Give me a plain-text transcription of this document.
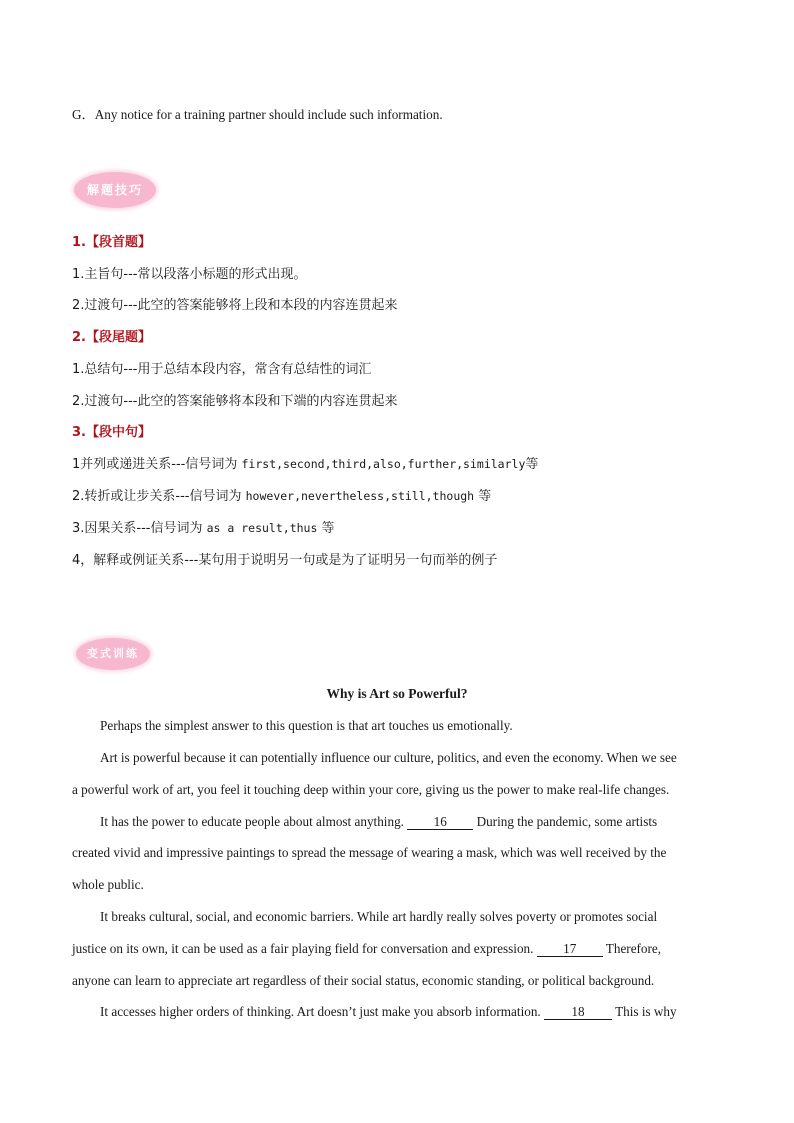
G．Any notice for a training partner should include such information.
解题技巧
1.【段首题】
1.主旨句---常以段落小标题的形式出现。
2.过渡句---此空的答案能够将上段和本段的内容连贯起来
2.【段尾题】
1.总结句---用于总结本段内容，常含有总结性的词汇
2.过渡句---此空的答案能够将本段和下端的内容连贯起来
3.【段中句】
1并列或递进关系---信号词为 first,second,third,also,further,similarly等
2.转折或让步关系---信号词为 however,nevertheless,still,though 等
3.因果关系---信号词为 as a result,thus 等
4，解释或例证关系---某句用于说明另一句或是为了证明另一句而举的例子
变式训练
Why is Art so Powerful?
Perhaps the simplest answer to this question is that art touches us emotionally.
Art is powerful because it can potentially influence our culture, politics, and even the economy. When we see
a powerful work of art, you feel it touching deep within your core, giving us the power to make real-life changes.
It has the power to educate people about almost anything. 16 During the pandemic, some artists
created vivid and impressive paintings to spread the message of wearing a mask, which was well received by the
whole public.
It breaks cultural, social, and economic barriers. While art hardly really solves poverty or promotes social
justice on its own, it can be used as a fair playing field for conversation and expression. 17 Therefore,
anyone can learn to appreciate art regardless of their social status, economic standing, or political background.
It accesses higher orders of thinking. Art doesn’t just make you absorb information. 18 This is why
